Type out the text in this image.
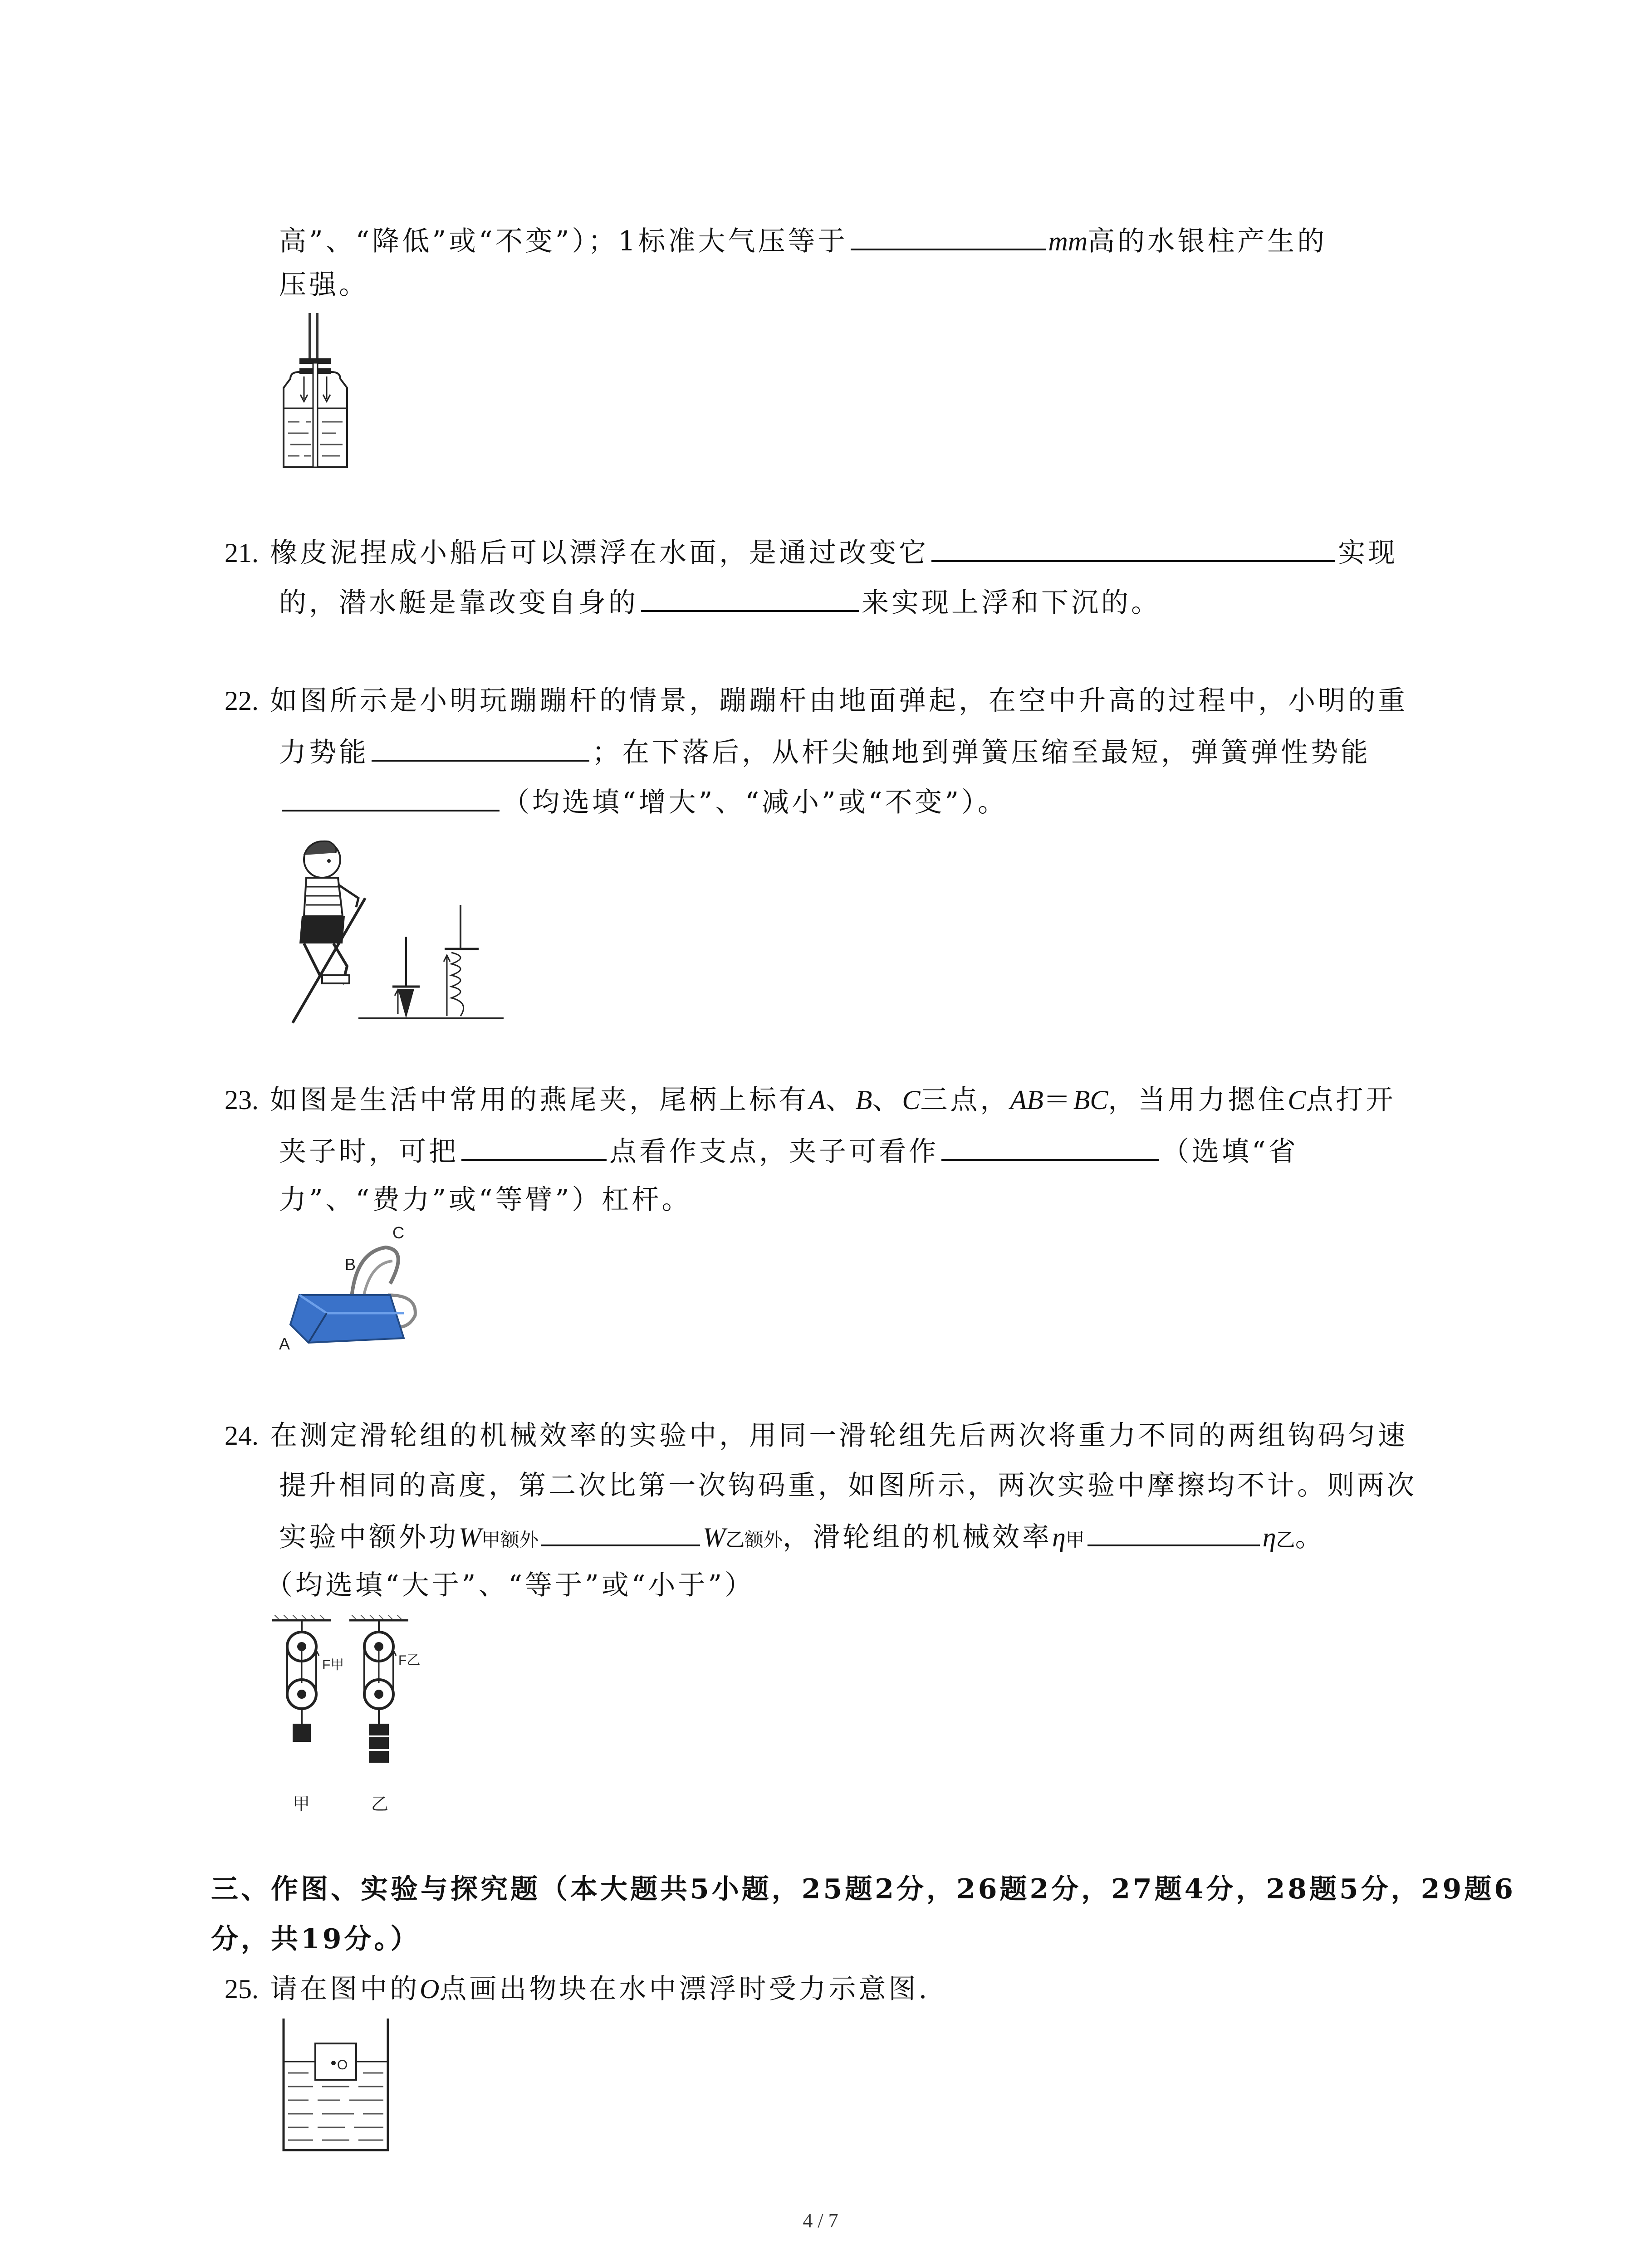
高”、“降低”或“不变”）；1标准大气压等于	mm高的水银柱产生的
压强。
21. 橡皮泥捏成小船后可以漂浮在水面，是通过改变它	实现
的，潜水艇是靠改变自身的	来实现上浮和下沉的。
22. 如图所示是小明玩蹦蹦杆的情景，蹦蹦杆由地面弹起，在空中升高的过程中，小明的重
力势能	；在下落后，从杆尖触地到弹簧压缩至最短，弹簧弹性势能
（均选填“增大”、“减小”或“不变”）。
23. 如图是生活中常用的燕尾夹，尾柄上标有A、B、C三点，AB＝BC，当用力摁住C点打开
夹子时，可把	点看作支点，夹子可看作	（选填“省
力”、“费力”或“等臂”）杠杆。
C
B
A
24. 在测定滑轮组的机械效率的实验中，用同一滑轮组先后两次将重力不同的两组钩码匀速
提升相同的高度，第二次比第一次钩码重，如图所示，两次实验中摩擦均不计。则两次
实验中额外功W甲额外	W乙额外，滑轮组的机械效率η甲	η乙。
（均选填“大于”、“等于”或“小于”）
F甲	F乙
甲	乙
三、作图、实验与探究题（本大题共5小题，25题2分，26题2分，27题4分，28题5分，29题6
分，共19分。）
25. 请在图中的O点画出物块在水中漂浮时受力示意图.
O
4 / 7
